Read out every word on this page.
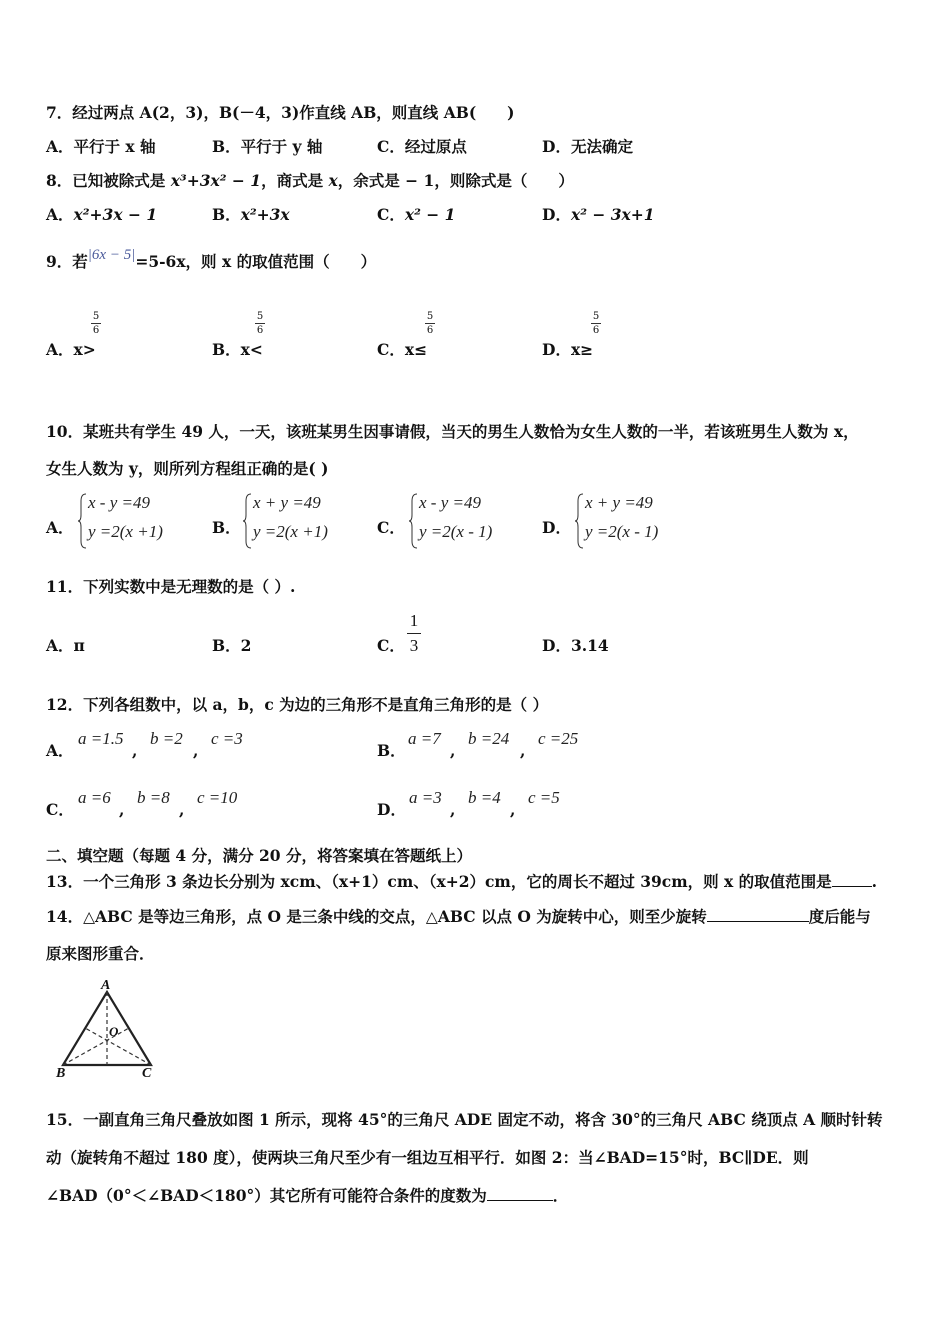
7．经过两点 A(2，3)，B(－4，3)作直线 AB，则直线 AB(　　)
A．平行于 x 轴	B．平行于 y 轴	C．经过原点	D．无法确定
8．已知被除式是 x³+3x² − 1，商式是 x，余式是 − 1，则除式是（　　）
A．x²+3x − 1	B．x²+3x	C．x² − 1	D．x² − 3x+1
9．若|6x − 5|=5-6x，则 x 的取值范围（　　）
A．x>
5
6
B．x<
5
6
C．x≤
5
6
D．x≥
5
6
10．某班共有学生 49 人，一天，该班某男生因事请假，当天的男生人数恰为女生人数的一半，若该班男生人数为 x，
女生人数为 y，则所列方程组正确的是( )
A．
x - y =49
y =2(x +1)	B．
x + y =49
y =2(x +1)	C．
x - y =49
y =2(x - 1)	D．
x + y =49
y =2(x - 1)
11．下列实数中是无理数的是（ ）.
A．π	B．2	C．
1
3	D．3.14
12．下列各组数中，以 a，b，c 为边的三角形不是直角三角形的是（ ）
A．
a =1.5
,
b =2
,
c =3
B．
a =7
,
b =24
,
c =25
C．
a =6
,
b =8
,
c =10
D．
a =3
,
b =4
,
c =5
二、填空题（每题 4 分，满分 20 分，将答案填在答题纸上）
13．一个三角形 3 条边长分别为 xcm、（x+1）cm、（x+2）cm，它的周长不超过 39cm，则 x 的取值范围是	.
14．△ABC 是等边三角形，点 O 是三条中线的交点，△ABC 以点 O 为旋转中心，则至少旋转	度后能与
原来图形重合．
A
B	C
O
15．一副直角三角尺叠放如图 1 所示，现将 45°的三角尺 ADE 固定不动，将含 30°的三角尺 ABC 绕顶点 A 顺时针转
动（旋转角不超过 180 度），使两块三角尺至少有一组边互相平行．如图 2：当∠BAD=15°时，BC∥DE．则
∠BAD（0°＜∠BAD＜180°）其它所有可能符合条件的度数为	．
